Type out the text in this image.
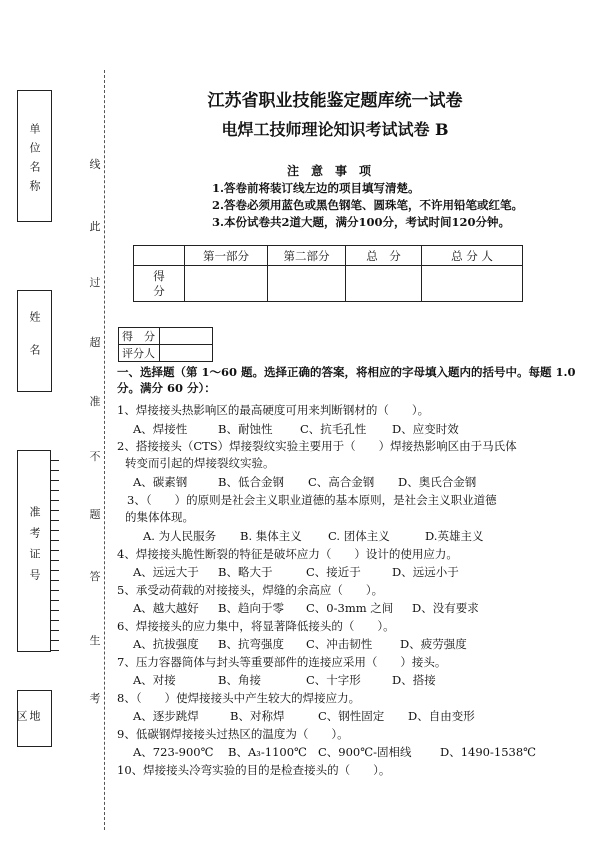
单位名称
姓名
准考证号
地区
考
生
答
题
不
准
超
过
此
线
江苏省职业技能鉴定题库统一试卷
电焊工技师理论知识考试试卷 B
注意事项
1.答卷前将装订线左边的项目填写清楚。
2.答卷必须用蓝色或黑色钢笔、圆珠笔，不许用铅笔或红笔。
3.本份试卷共2道大题，满分100分，考试时间120分钟。
	第一部分	第二部分	总　分	总 分 人
得　分				
得　分	
评分人	
一、选择题（第 1～60 题。选择正确的答案，将相应的字母填入题内的括号中。每题 1.0 分。满分 60 分）：
1、焊接接头热影响区的最高硬度可用来判断钢材的（　　）。
A、焊接性	B、耐蚀性 C、抗毛孔性 D、应变时效
2、搭接接头（CTS）焊接裂纹实验主要用于（　　）焊接热影响区由于马氏体
转变而引起的焊接裂纹实验。
A、碳素钢	B、低合金钢 C、高合金钢 D、奥氏合金钢
3、（　　）的原则是社会主义职业道德的基本原则，是社会主义职业道德
的集体体现。
A. 为人民服务 B. 集体主义 C. 团体主义	D.英雄主义
4、焊接接头脆性断裂的特征是破坏应力（　　）设计的使用应力。
A、远远大于 B、略大于	C、接近于	D、远远小于
5、承受动荷载的对接接头，焊缝的余高应（　　）。
A、越大越好 B、趋向于零 C、0-3mm 之间 D、没有要求
6、焊接接头的应力集中，将显著降低接头的（　　）。
A、抗拔强度 B、抗弯强度 C、冲击韧性 D、疲劳强度
7、压力容器筒体与封头等重要部件的连接应采用（　　）接头。
A、对接	B、角接	C、十字形	D、搭接
8、（　　）使焊接接头中产生较大的焊接应力。
A、逐步跳焊	B、对称焊	C、钢性固定 D、自由变形
9、低碳钢焊接接头过热区的温度为（　　）。
A、723-900℃ B、A₃-1100℃ C、900℃-固相线 D、1490-1538℃
10、焊接接头冷弯实验的目的是检查接头的（　　）。
